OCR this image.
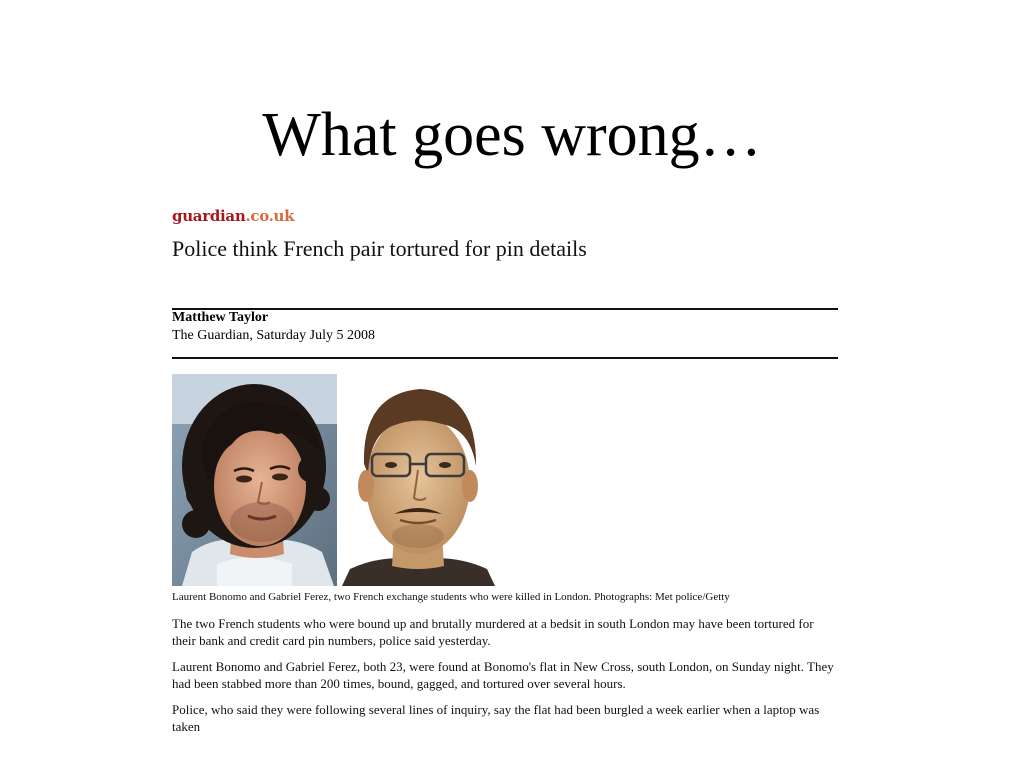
What goes wrong…
guardian.co.uk
Police think French pair tortured for pin details
Matthew Taylor
The Guardian, Saturday July 5 2008
Laurent Bonomo and Gabriel Ferez, two French exchange students who were killed in London. Photographs: Met police/Getty

The two French students who were bound up and brutally murdered at a bedsit in south London may have been tortured for their bank and credit card pin numbers, police said yesterday.

Laurent Bonomo and Gabriel Ferez, both 23, were found at Bonomo's flat in New Cross, south London, on Sunday night. They had been stabbed more than 200 times, bound, gagged, and tortured over several hours.

Police, who said they were following several lines of inquiry, say the flat had been burgled a week earlier when a laptop was taken
